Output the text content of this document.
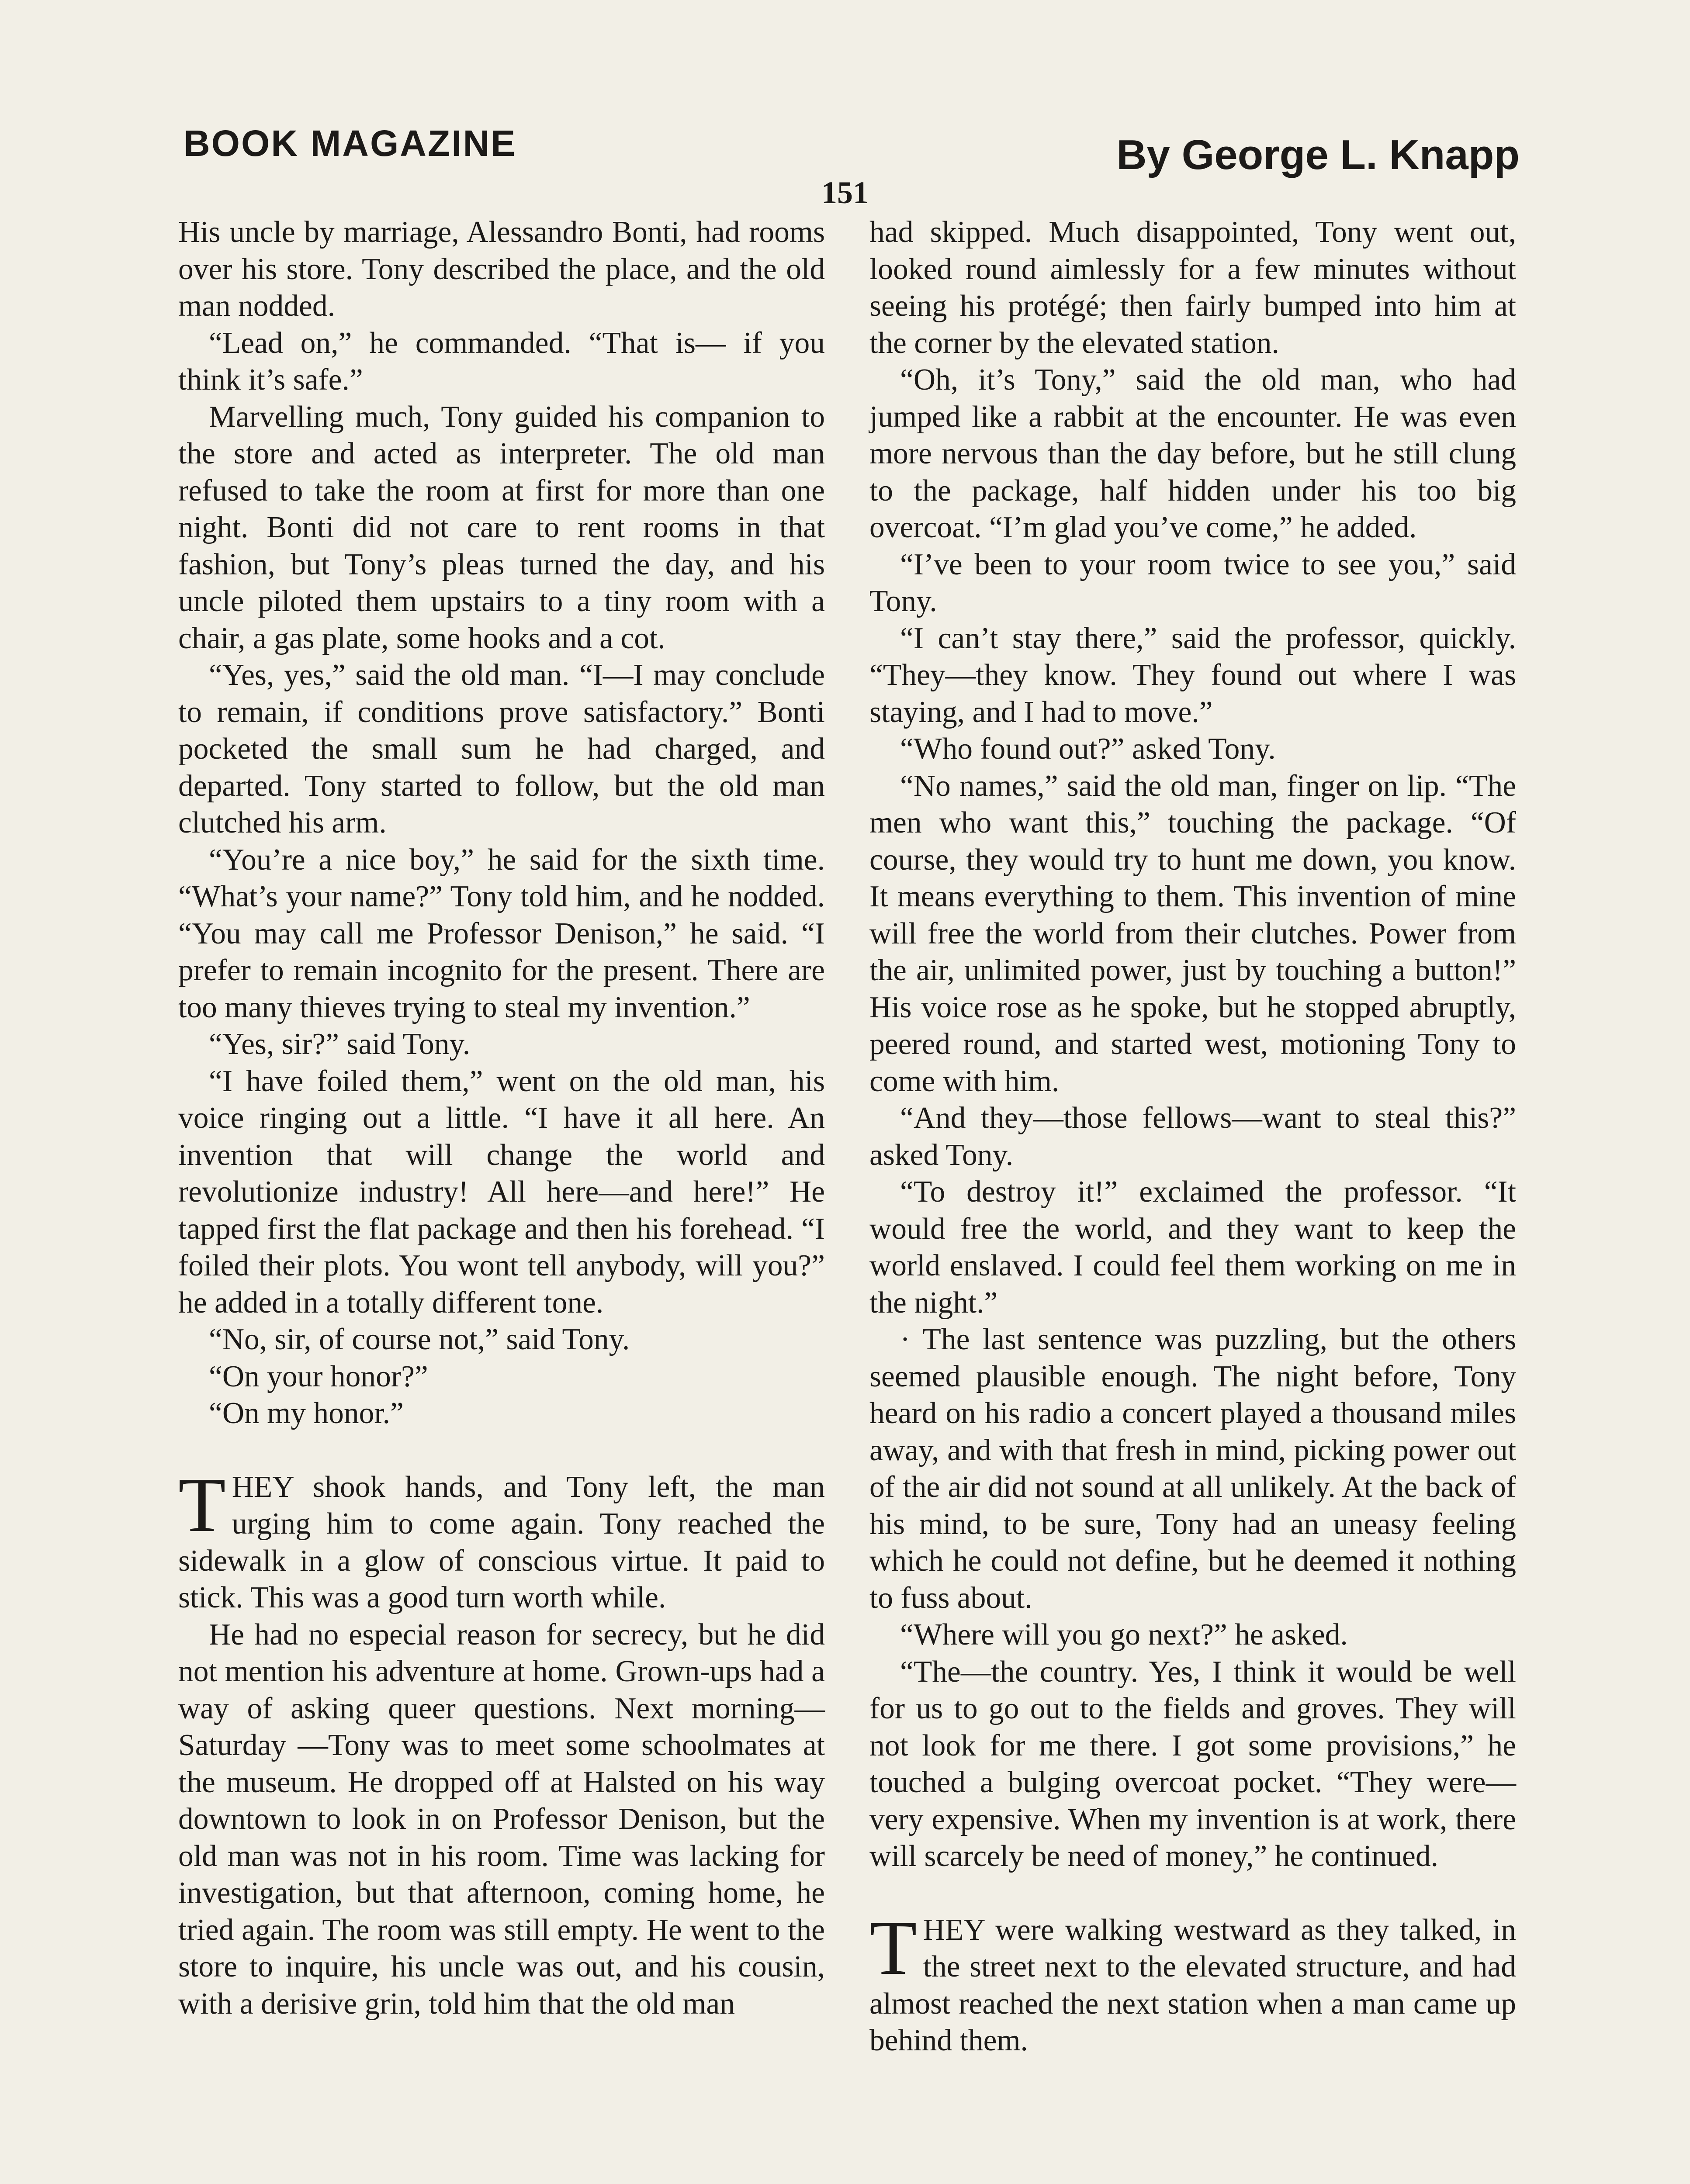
BOOK MAGAZINE	By George L. Knapp
151

His uncle by marriage, Alessandro Bonti, had rooms over his store. Tony described the place, and the old man nodded.

“Lead on,” he commanded. “That is— if you think it’s safe.”

Marvelling much, Tony guided his companion to the store and acted as interpreter. The old man refused to take the room at first for more than one night. Bonti did not care to rent rooms in that fashion, but Tony’s pleas turned the day, and his uncle piloted them upstairs to a tiny room with a chair, a gas plate, some hooks and a cot.

“Yes, yes,” said the old man. “I—I may conclude to remain, if conditions prove satisfactory.” Bonti pocketed the small sum he had charged, and departed. Tony started to follow, but the old man clutched his arm.

“You’re a nice boy,” he said for the sixth time. “What’s your name?” Tony told him, and he nodded. “You may call me Professor Denison,” he said. “I prefer to remain incognito for the present. There are too many thieves trying to steal my invention.”

“Yes, sir?” said Tony.

“I have foiled them,” went on the old man, his voice ringing out a little. “I have it all here. An invention that will change the world and revolutionize industry! All here—and here!” He tapped first the flat package and then his forehead. “I foiled their plots. You wont tell anybody, will you?” he added in a totally different tone.

“No, sir, of course not,” said Tony.

“On your honor?”

“On my honor.”

THEY shook hands, and Tony left, the man urging him to come again. Tony reached the sidewalk in a glow of conscious virtue. It paid to stick. This was a good turn worth while.

He had no especial reason for secrecy, but he did not mention his adventure at home. Grown-ups had a way of asking queer questions. Next morning—Saturday —Tony was to meet some schoolmates at the museum. He dropped off at Halsted on his way downtown to look in on Professor Denison, but the old man was not in his room. Time was lacking for investigation, but that afternoon, coming home, he tried again. The room was still empty. He went to the store to inquire, his uncle was out, and his cousin, with a derisive grin, told him that the old man

had skipped. Much disappointed, Tony went out, looked round aimlessly for a few minutes without seeing his protégé; then fairly bumped into him at the corner by the elevated station.

“Oh, it’s Tony,” said the old man, who had jumped like a rabbit at the encounter. He was even more nervous than the day before, but he still clung to the package, half hidden under his too big overcoat. “I’m glad you’ve come,” he added.

“I’ve been to your room twice to see you,” said Tony.

“I can’t stay there,” said the professor, quickly. “They—they know. They found out where I was staying, and I had to move.”

“Who found out?” asked Tony.

“No names,” said the old man, finger on lip. “The men who want this,” touching the package. “Of course, they would try to hunt me down, you know. It means everything to them. This invention of mine will free the world from their clutches. Power from the air, unlimited power, just by touching a button!” His voice rose as he spoke, but he stopped abruptly, peered round, and started west, motioning Tony to come with him.

“And they—those fellows—want to steal this?” asked Tony.

“To destroy it!” exclaimed the professor. “It would free the world, and they want to keep the world enslaved. I could feel them working on me in the night.”

· The last sentence was puzzling, but the others seemed plausible enough. The night before, Tony heard on his radio a concert played a thousand miles away, and with that fresh in mind, picking power out of the air did not sound at all unlikely. At the back of his mind, to be sure, Tony had an uneasy feeling which he could not define, but he deemed it nothing to fuss about.

“Where will you go next?” he asked.

“The—the country. Yes, I think it would be well for us to go out to the fields and groves. They will not look for me there. I got some provisions,” he touched a bulging overcoat pocket. “They were— very expensive. When my invention is at work, there will scarcely be need of money,” he continued.

THEY were walking westward as they talked, in the street next to the elevated structure, and had almost reached the next station when a man came up behind them.
